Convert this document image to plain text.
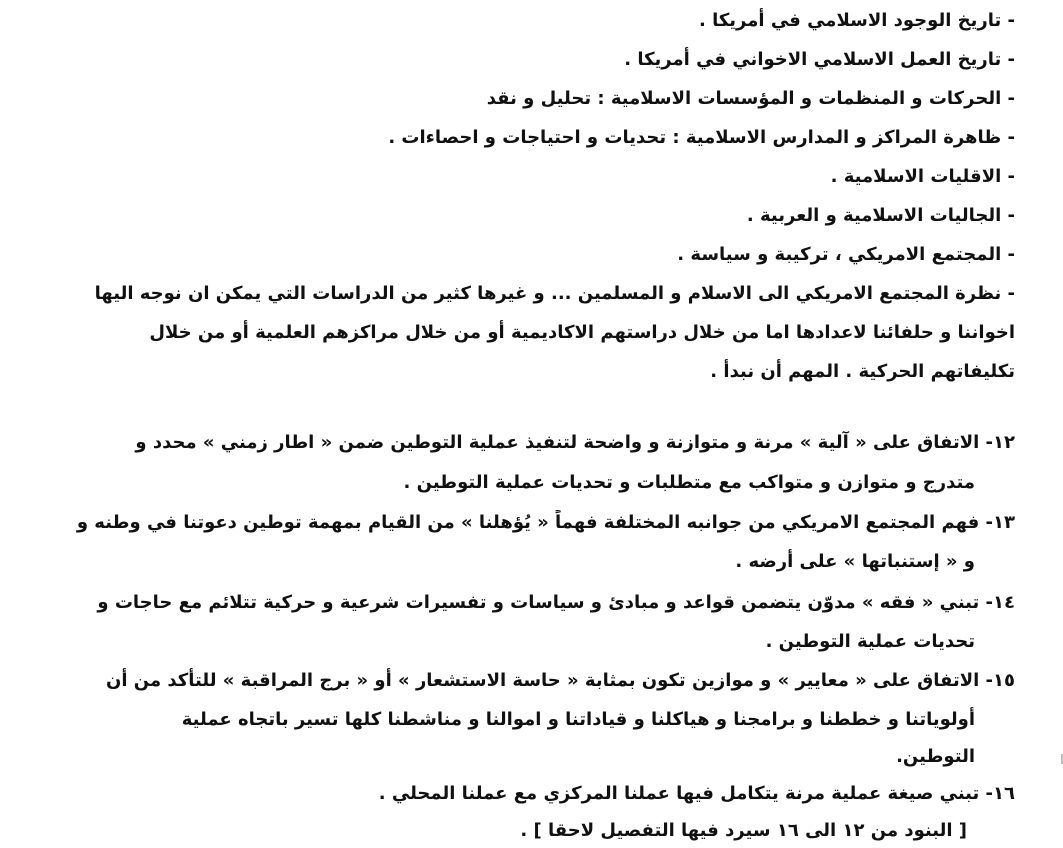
- تاريخ الوجود الاسلامي في أمريكا .
- تاريخ العمل الاسلامي الاخواني في أمريكا .
- الحركات و المنظمات و المؤسسات الاسلامية : تحليل و نقد
- ظاهرة المراكز و المدارس الاسلامية : تحديات و احتياجات و احصاءات .
- الاقليات الاسلامية .
- الجاليات الاسلامية و العربية .
- المجتمع الامريكي ، تركيبة و سياسة .
- نظرة المجتمع الامريكي الى الاسلام و المسلمين ... و غيرها كثير من الدراسات التي يمكن ان نوجه اليها
اخواننا و حلفائنا لاعدادها اما من خلال دراستهم الاكاديمية أو من خلال مراكزهم العلمية أو من خلال
تكليفاتهم الحركية . المهم أن نبدأ .
١٢- الاتفاق على « آلية » مرنة و متوازنة و واضحة لتنفيذ عملية التوطين ضمن « اطار زمني » محدد و
متدرج و متوازن و متواكب مع متطلبات و تحديات عملية التوطين .
١٣- فهم المجتمع الامريكي من جوانبه المختلفة فهماً « يُؤهلنا » من القيام بمهمة توطين دعوتنا في وطنه و
و « إستنباتها » على أرضه .
١٤- تبني « فقه » مدوّن يتضمن قواعد و مبادئ و سياسات و تفسيرات شرعية و حركية تتلائم مع حاجات و
تحديات عملية التوطين .
١٥- الاتفاق على « معايير » و موازين تكون بمثابة « حاسة الاستشعار » أو « برج المراقبة » للتأكد من أن
أولوياتنا و خططنا و برامجنا و هياكلنا و قياداتنا و اموالنا و مناشطنا كلها تسير باتجاه عملية
التوطين.
١٦- تبني صيغة عملية مرنة يتكامل فيها عملنا المركزي مع عملنا المحلي .
[ البنود من ١٢ الى ١٦ سيرد فيها التفصيل لاحقا ] .
